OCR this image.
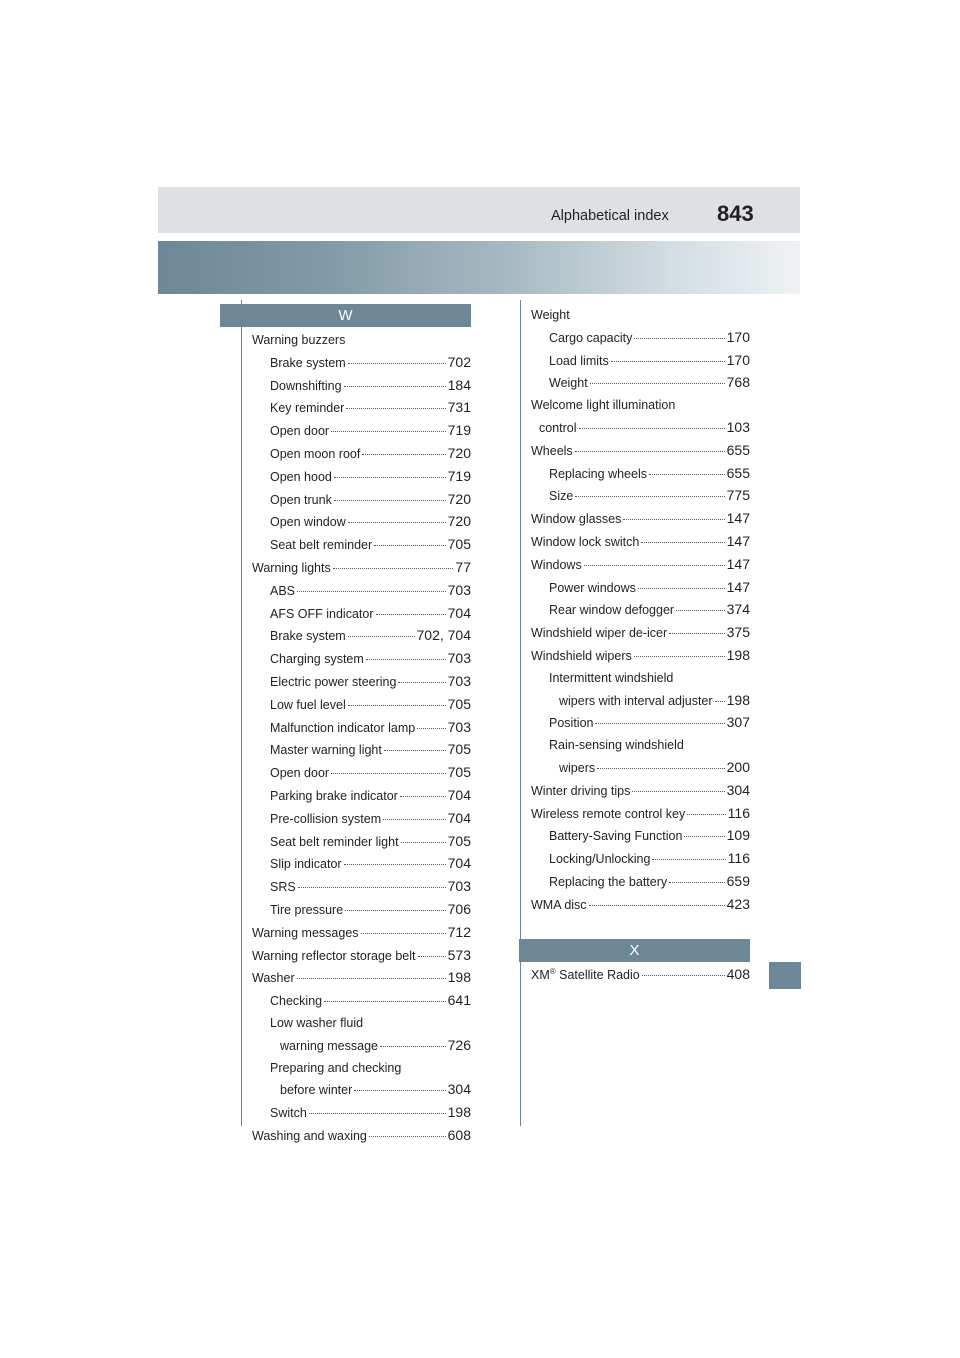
Alphabetical index 843
W
Warning buzzers
Brake system	702
Downshifting	184
Key reminder	731
Open door	719
Open moon roof	720
Open hood	719
Open trunk	720
Open window	720
Seat belt reminder	705
Warning lights	77
ABS	703
AFS OFF indicator	704
Brake system	702, 704
Charging system	703
Electric power steering	703
Low fuel level	705
Malfunction indicator lamp 703
Master warning light	705
Open door	705
Parking brake indicator	704
Pre-collision system	704
Seat belt reminder light	705
Slip indicator	704
SRS	703
Tire pressure	706
Warning messages	712
Warning reflector storage belt 573
Washer	198
Checking	641
Low washer fluid
warning message	726
Preparing and checking
before winter	304
Switch	198
Washing and waxing	608
Weight
Cargo capacity	170
Load limits	170
Weight	768
Welcome light illumination
control	103
Wheels	655
Replacing wheels	655
Size	775
Window glasses	147
Window lock switch	147
Windows	147
Power windows	147
Rear window defogger	374
Windshield wiper de-icer	375
Windshield wipers	198
Intermittent windshield
wipers with interval adjuster 198
Position	307
Rain-sensing windshield
wipers	200
Winter driving tips	304
Wireless remote control key	116
Battery-Saving Function	109
Locking/Unlocking	116
Replacing the battery	659
WMA disc	423
X
XM® Satellite Radio	408
